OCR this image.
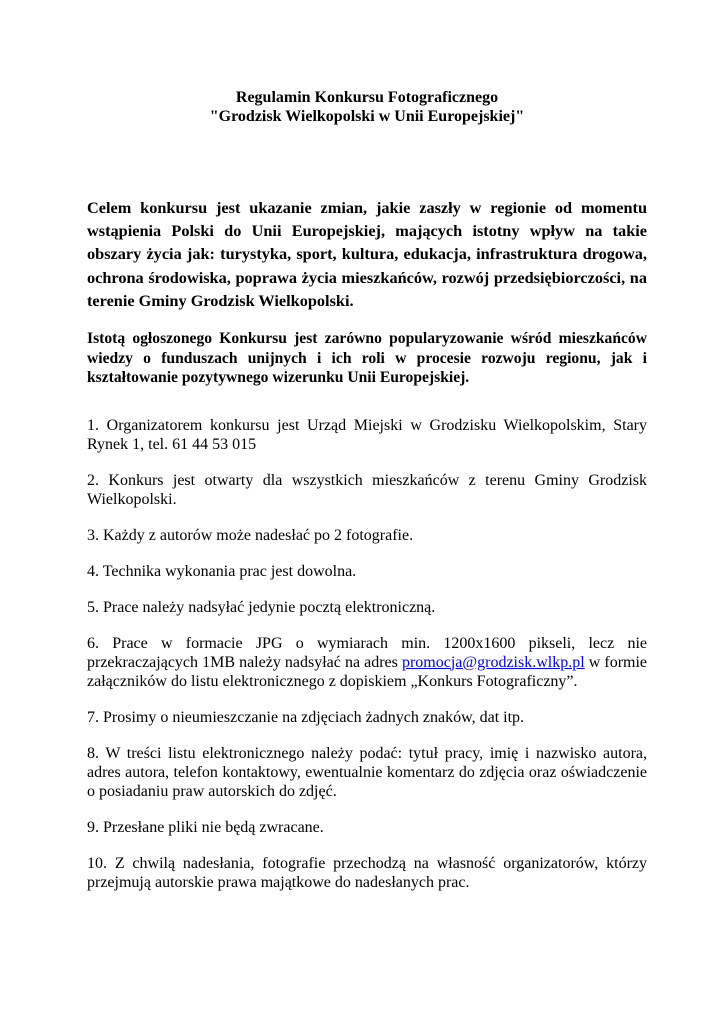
Regulamin Konkursu Fotograficznego

"Grodzisk Wielkopolski w Unii Europejskiej"

Celem konkursu jest ukazanie zmian, jakie zaszły w regionie od momentu wstąpienia Polski do Unii Europejskiej, mających istotny wpływ na takie obszary życia jak: turystyka, sport, kultura, edukacja, infrastruktura drogowa, ochrona środowiska, poprawa życia mieszkańców, rozwój przedsiębiorczości, na terenie Gminy Grodzisk Wielkopolski.

Istotą ogłoszonego Konkursu jest zarówno popularyzowanie wśród mieszkańców wiedzy o funduszach unijnych i ich roli w procesie rozwoju regionu, jak i kształtowanie pozytywnego wizerunku Unii Europejskiej.

1. Organizatorem konkursu jest Urząd Miejski w Grodzisku Wielkopolskim, Stary Rynek 1, tel. 61 44 53 015

2. Konkurs jest otwarty dla wszystkich mieszkańców z terenu Gminy Grodzisk Wielkopolski.

3. Każdy z autorów może nadesłać po 2 fotografie.

4. Technika wykonania prac jest dowolna.

5. Prace należy nadsyłać jedynie pocztą elektroniczną.

6. Prace w formacie JPG o wymiarach min. 1200x1600 pikseli, lecz nie przekraczających 1MB należy nadsyłać na adres promocja@grodzisk.wlkp.pl w formie załączników do listu elektronicznego z dopiskiem „Konkurs Fotograficzny”.

7. Prosimy o nieumieszczanie na zdjęciach żadnych znaków, dat itp.

8. W treści listu elektronicznego należy podać: tytuł pracy, imię i nazwisko autora, adres autora, telefon kontaktowy, ewentualnie komentarz do zdjęcia oraz oświadczenie o posiadaniu praw autorskich do zdjęć.

9. Przesłane pliki nie będą zwracane.

10. Z chwilą nadesłania, fotografie przechodzą na własność organizatorów, którzy przejmują autorskie prawa majątkowe do nadesłanych prac.
